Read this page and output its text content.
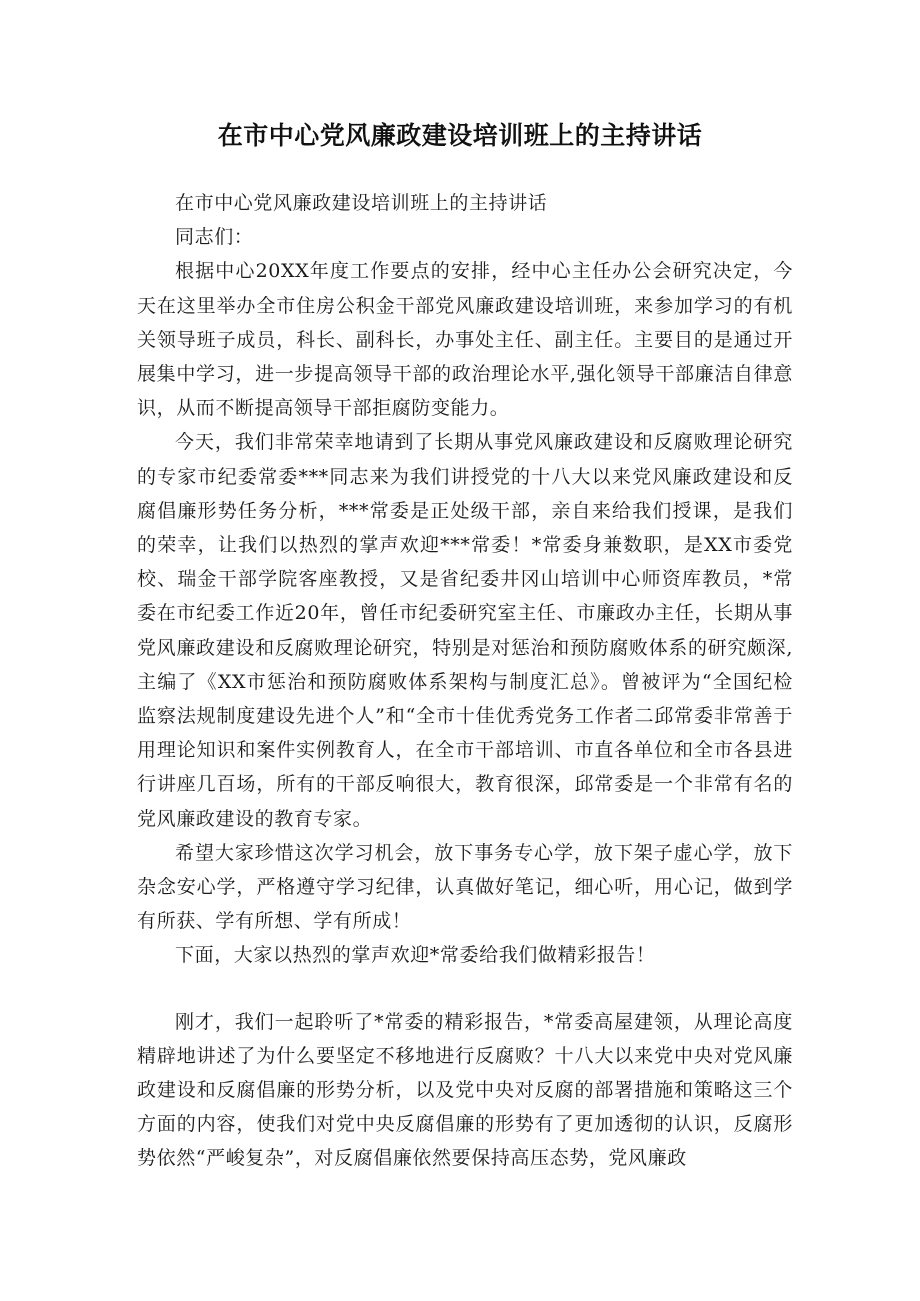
在市中心党风廉政建设培训班上的主持讲话

在市中心党风廉政建设培训班上的主持讲话

同志们：

根据中心20XX年度工作要点的安排，经中心主任办公会研究决定，今天在这里举办全市住房公积金干部党风廉政建设培训班，来参加学习的有机关领导班子成员，科长、副科长，办事处主任、副主任。主要目的是通过开展集中学习，进一步提高领导干部的政治理论水平,强化领导干部廉洁自律意识，从而不断提高领导干部拒腐防变能力。

今天，我们非常荣幸地请到了长期从事党风廉政建设和反腐败理论研究的专家市纪委常委***同志来为我们讲授党的十八大以来党风廉政建设和反腐倡廉形势任务分析，***常委是正处级干部，亲自来给我们授课，是我们的荣幸，让我们以热烈的掌声欢迎***常委！*常委身兼数职，是XX市委党校、瑞金干部学院客座教授，又是省纪委井冈山培训中心师资库教员，*常委在市纪委工作近20年，曾任市纪委研究室主任、市廉政办主任，长期从事党风廉政建设和反腐败理论研究，特别是对惩治和预防腐败体系的研究颇深,主编了《XX市惩治和预防腐败体系架构与制度汇总》。曾被评为“全国纪检监察法规制度建设先进个人”和“全市十佳优秀党务工作者二邱常委非常善于用理论知识和案件实例教育人，在全市干部培训、市直各单位和全市各县进行讲座几百场，所有的干部反响很大，教育很深，邱常委是一个非常有名的党风廉政建设的教育专家。

希望大家珍惜这次学习机会，放下事务专心学，放下架子虚心学，放下杂念安心学，严格遵守学习纪律，认真做好笔记，细心听，用心记，做到学有所获、学有所想、学有所成！

下面，大家以热烈的掌声欢迎*常委给我们做精彩报告！

刚才，我们一起聆听了*常委的精彩报告，*常委高屋建领，从理论高度精辟地讲述了为什么要坚定不移地进行反腐败？十八大以来党中央对党风廉政建设和反腐倡廉的形势分析，以及党中央对反腐的部署措施和策略这三个方面的内容，使我们对党中央反腐倡廉的形势有了更加透彻的认识，反腐形势依然“严峻复杂”，对反腐倡廉依然要保持高压态势，党风廉政
